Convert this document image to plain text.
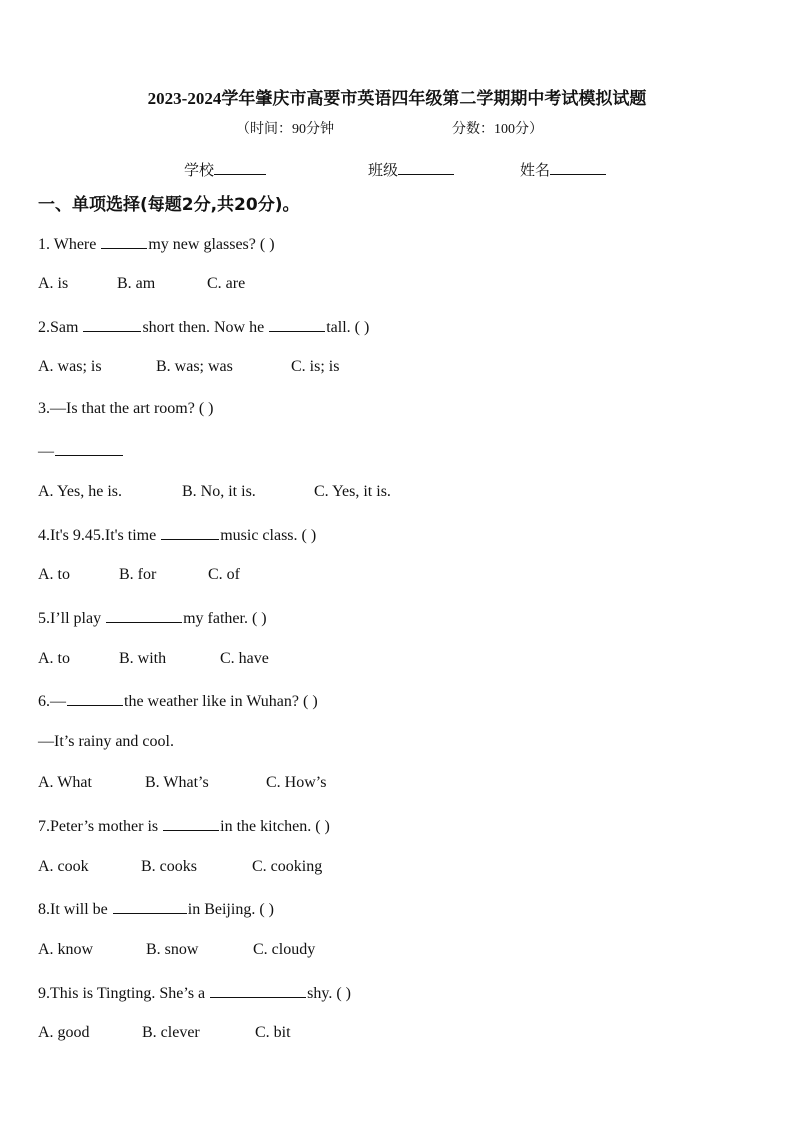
2023-2024学年肇庆市高要市英语四年级第二学期期中考试模拟试题
（时间：90分钟	分数：100分）
学校	班级	姓名
一、单项选择(每题2分,共20分)。
1. Where	my new glasses? ( )
A. is	B. am	C. are
2.Sam	short then. Now he	tall. ( )
A. was; is	B. was; was	C. is; is
3.—Is that the art room? ( )
—
A. Yes, he is.	B. No, it is.	C. Yes, it is.
4.It's 9.45.It's time	music class. ( )
A. to	B. for	C. of
5.I’ll play	my father. ( )
A. to	B. with	C. have
6.—	the weather like in Wuhan? ( )
—It’s rainy and cool.
A. What	B. What’s	C. How’s
7.Peter’s mother is	in the kitchen. ( )
A. cook	B. cooks	C. cooking
8.It will be	in Beijing. ( )
A. know	B. snow	C. cloudy
9.This is Tingting. She’s a	shy. ( )
A. good	B. clever	C. bit
